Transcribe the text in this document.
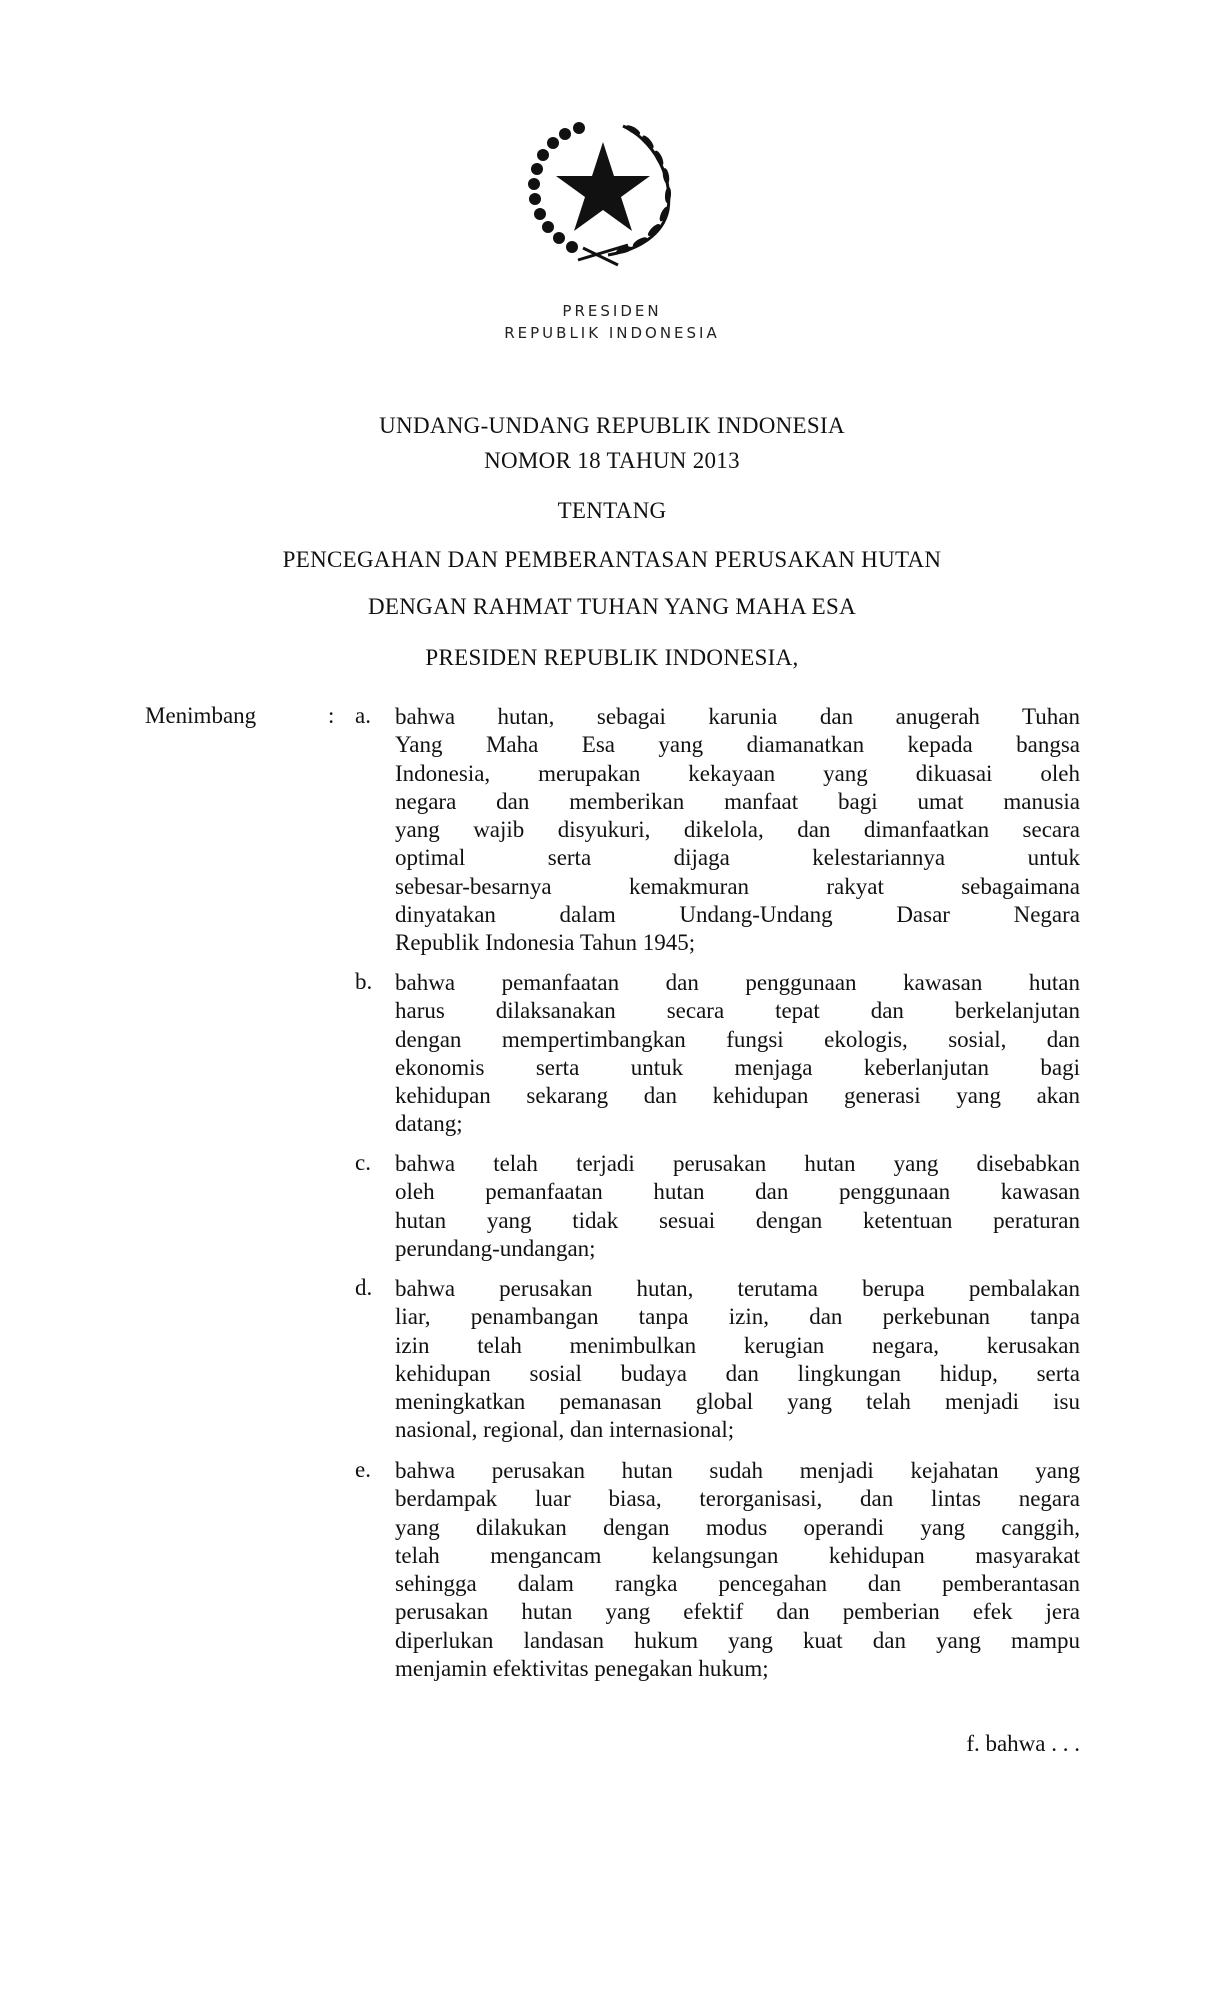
PRESIDEN
REPUBLIK INDONESIA
UNDANG-UNDANG REPUBLIK INDONESIA
NOMOR 18 TAHUN 2013
TENTANG
PENCEGAHAN DAN PEMBERANTASAN PERUSAKAN HUTAN
DENGAN RAHMAT TUHAN YANG MAHA ESA
PRESIDEN REPUBLIK INDONESIA,
Menimbang	: a. bahwa hutan, sebagai karunia dan anugerah Tuhan
Yang Maha Esa yang diamanatkan kepada bangsa
Indonesia, merupakan kekayaan yang dikuasai oleh
negara dan memberikan manfaat bagi umat manusia
yang wajib disyukuri, dikelola, dan dimanfaatkan secara
optimal serta dijaga kelestariannya untuk
sebesar-besarnya kemakmuran rakyat sebagaimana
dinyatakan dalam Undang-Undang Dasar Negara
Republik Indonesia Tahun 1945;
b. bahwa pemanfaatan dan penggunaan kawasan hutan
harus dilaksanakan secara tepat dan berkelanjutan
dengan mempertimbangkan fungsi ekologis, sosial, dan
ekonomis serta untuk menjaga keberlanjutan bagi
kehidupan sekarang dan kehidupan generasi yang akan
datang;
c. bahwa telah terjadi perusakan hutan yang disebabkan
oleh pemanfaatan hutan dan penggunaan kawasan
hutan yang tidak sesuai dengan ketentuan peraturan
perundang-undangan;
d. bahwa perusakan hutan, terutama berupa pembalakan
liar, penambangan tanpa izin, dan perkebunan tanpa
izin telah menimbulkan kerugian negara, kerusakan
kehidupan sosial budaya dan lingkungan hidup, serta
meningkatkan pemanasan global yang telah menjadi isu
nasional, regional, dan internasional;
e. bahwa perusakan hutan sudah menjadi kejahatan yang
berdampak luar biasa, terorganisasi, dan lintas negara
yang dilakukan dengan modus operandi yang canggih,
telah mengancam kelangsungan kehidupan masyarakat
sehingga dalam rangka pencegahan dan pemberantasan
perusakan hutan yang efektif dan pemberian efek jera
diperlukan landasan hukum yang kuat dan yang mampu
menjamin efektivitas penegakan hukum;
f. bahwa . . .
